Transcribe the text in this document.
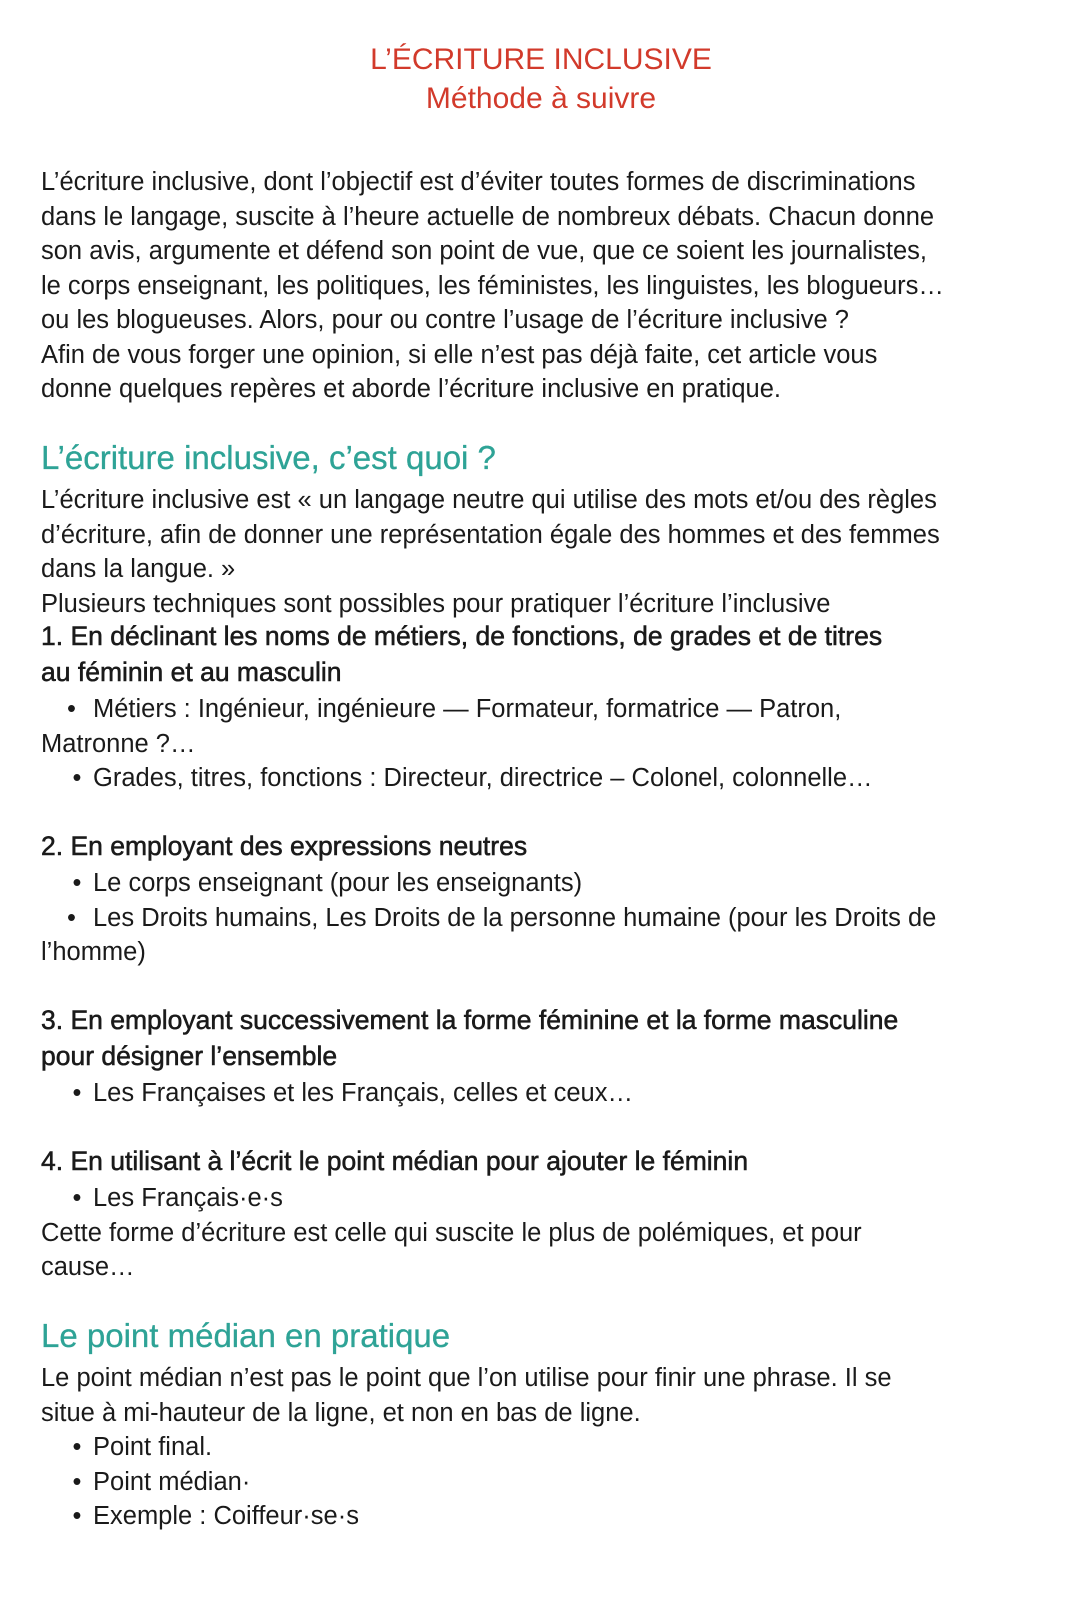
L’ÉCRITURE INCLUSIVE
Méthode à suivre
L’écriture inclusive, dont l’objectif est d’éviter toutes formes de discriminations
dans le langage, suscite à l’heure actuelle de nombreux débats. Chacun donne
son avis, argumente et défend son point de vue, que ce soient les journalistes,
le corps enseignant, les politiques, les féministes, les linguistes, les blogueurs…
ou les blogueuses. Alors, pour ou contre l’usage de l’écriture inclusive ?
Afin de vous forger une opinion, si elle n’est pas déjà faite, cet article vous
donne quelques repères et aborde l’écriture inclusive en pratique.
L’écriture inclusive, c’est quoi ?
L’écriture inclusive est « un langage neutre qui utilise des mots et/ou des règles
d’écriture, afin de donner une représentation égale des hommes et des femmes
dans la langue. »
Plusieurs techniques sont possibles pour pratiquer l’écriture l’inclusive
1. En déclinant les noms de métiers, de fonctions, de grades et de titres
au féminin et au masculin
• Métiers : Ingénieur, ingénieure — Formateur, formatrice — Patron,
Matronne ?…
• Grades, titres, fonctions : Directeur, directrice – Colonel, colonnelle…
2. En employant des expressions neutres
• Le corps enseignant (pour les enseignants)
• Les Droits humains, Les Droits de la personne humaine (pour les Droits de
l’homme)
3. En employant successivement la forme féminine et la forme masculine
pour désigner l’ensemble
• Les Françaises et les Français, celles et ceux…
4. En utilisant à l’écrit le point médian pour ajouter le féminin
• Les Français·e·s
Cette forme d’écriture est celle qui suscite le plus de polémiques, et pour
cause…
Le point médian en pratique
Le point médian n’est pas le point que l’on utilise pour finir une phrase. Il se
situe à mi-hauteur de la ligne, et non en bas de ligne.
• Point final.
• Point médian·
• Exemple : Coiffeur·se·s
